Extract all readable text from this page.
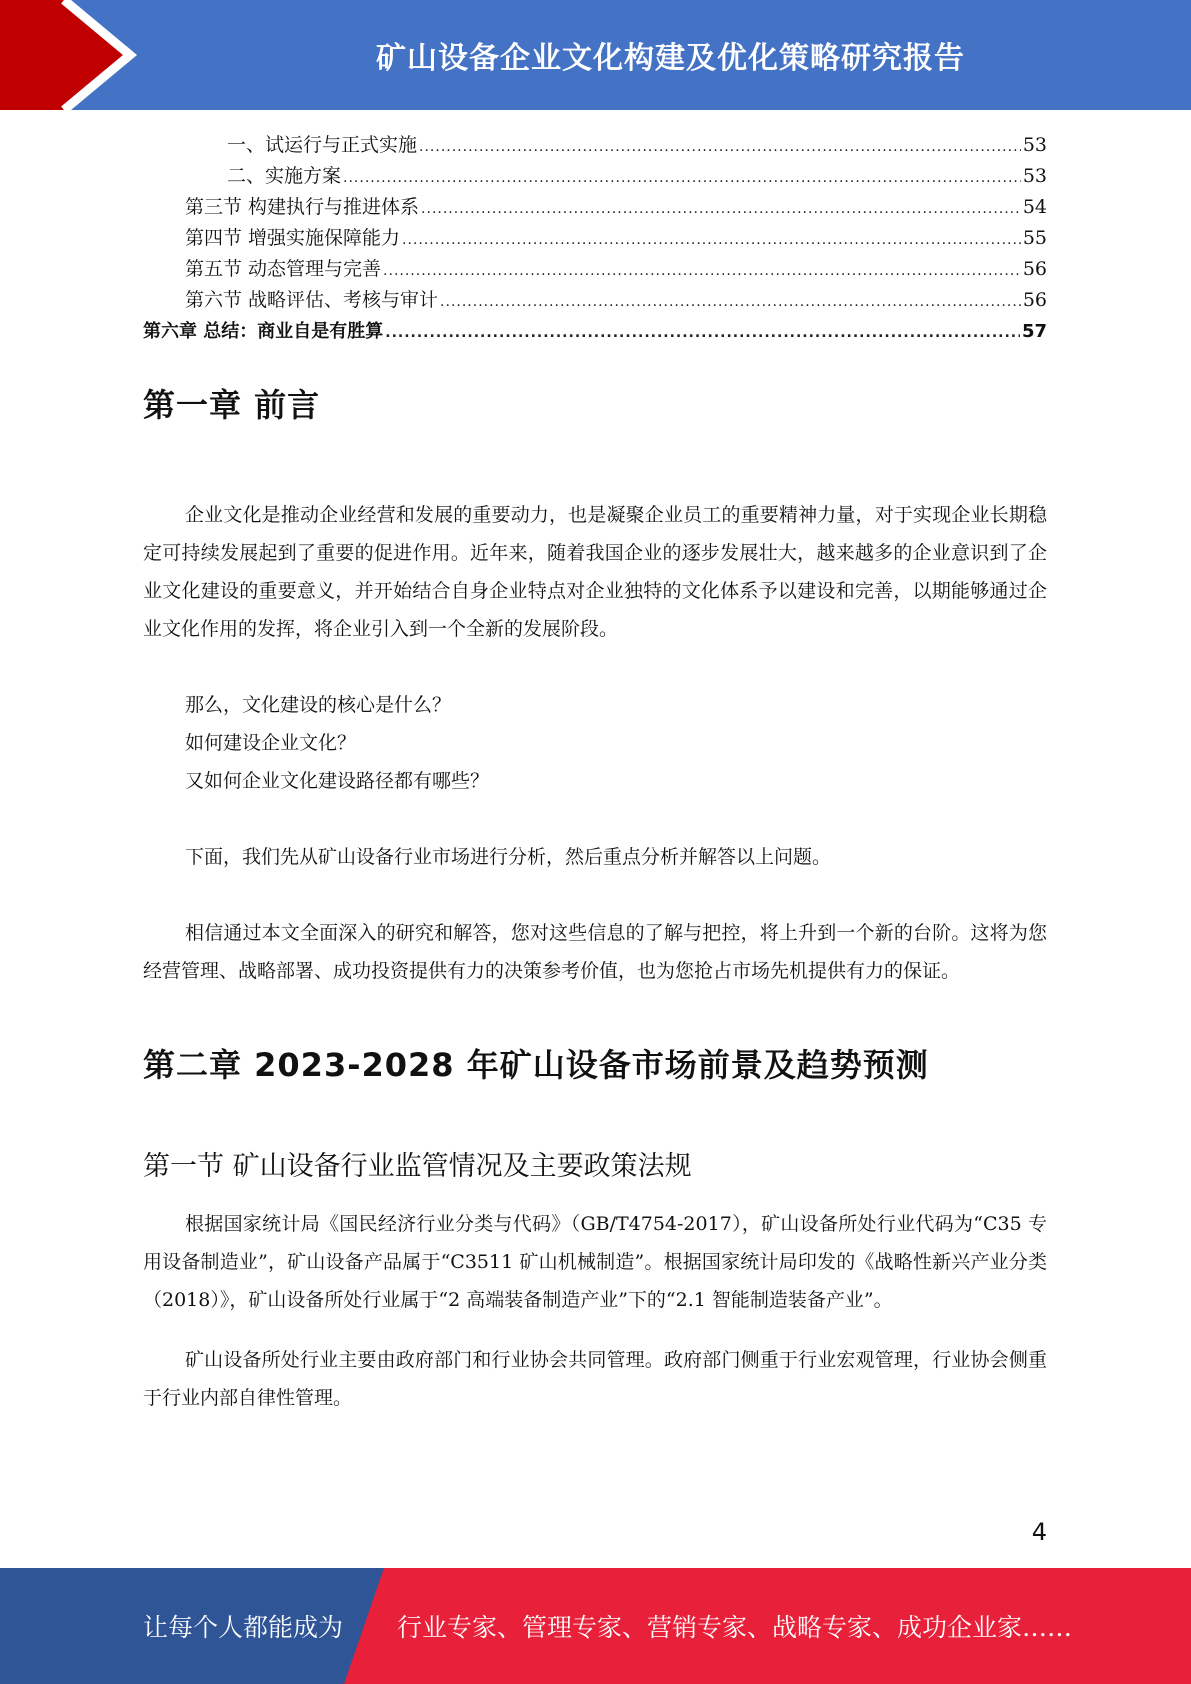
矿山设备企业文化构建及优化策略研究报告
一、试运行与正式实施 .....	53
二、实施方案 .....	53
第三节 构建执行与推进体系 .....	54
第四节 增强实施保障能力 .....	55
第五节 动态管理与完善 .....	56
第六节 战略评估、考核与审计 .....	56
第六章 总结：商业自是有胜算 .....	57
第一章 前言

企业文化是推动企业经营和发展的重要动力，也是凝聚企业员工的重要精神力量，对于实现企业长期稳定可持续发展起到了重要的促进作用。近年来，随着我国企业的逐步发展壮大，越来越多的企业意识到了企业文化建设的重要意义，并开始结合自身企业特点对企业独特的文化体系予以建设和完善，以期能够通过企业文化作用的发挥，将企业引入到一个全新的发展阶段。

那么，文化建设的核心是什么？
如何建设企业文化？
又如何企业文化建设路径都有哪些？

下面，我们先从矿山设备行业市场进行分析，然后重点分析并解答以上问题。

相信通过本文全面深入的研究和解答，您对这些信息的了解与把控，将上升到一个新的台阶。这将为您经营管理、战略部署、成功投资提供有力的决策参考价值，也为您抢占市场先机提供有力的保证。

第二章 2023-2028 年矿山设备市场前景及趋势预测
第一节 矿山设备行业监管情况及主要政策法规

根据国家统计局《国民经济行业分类与代码》（GB/T4754-2017），矿山设备所处行业代码为“C35 专用设备制造业”，矿山设备产品属于“C3511 矿山机械制造”。根据国家统计局印发的《战略性新兴产业分类（2018）》，矿山设备所处行业属于“2 高端装备制造产业”下的“2.1 智能制造装备产业”。

矿山设备所处行业主要由政府部门和行业协会共同管理。政府部门侧重于行业宏观管理，行业协会侧重于行业内部自律性管理。

4
让每个人都能成为 行业专家、管理专家、营销专家、战略专家、成功企业家……
